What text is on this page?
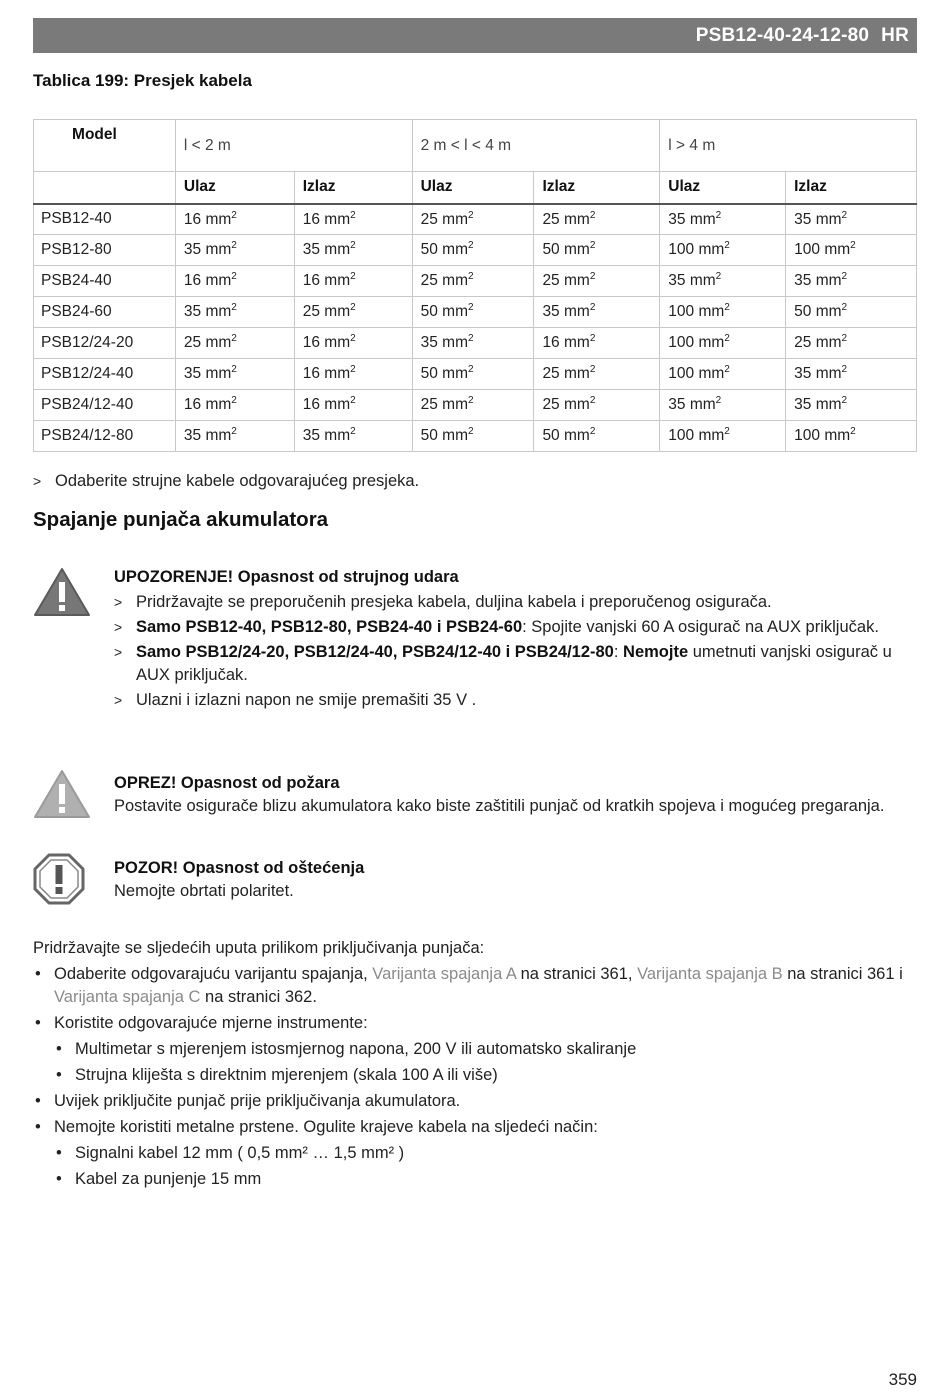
PSB12-40-24-12-80 HR
Tablica 199: Presjek kabela
Model	l < 2 m		2 m < l < 4 m		l > 4 m	
	Ulaz	Izlaz	Ulaz	Izlaz	Ulaz	Izlaz
PSB12-40	16 $mm^2$	16 $mm^2$	25 $mm^2$	25 $mm^2$	35 $mm^2$	35 $mm^2$
PSB12-80	35 $mm^2$	35 $mm^2$	50 $mm^2$	50 $mm^2$	100 $mm^2$	100 $mm^2$
PSB24-40	16 $mm^2$	16 $mm^2$	25 $mm^2$	25 $mm^2$	35 $mm^2$	35 $mm^2$
PSB24-60	35 $mm^2$	25 $mm^2$	50 $mm^2$	35 $mm^2$	100 $mm^2$	50 $mm^2$
PSB12/24-20	25 $mm^2$	16 $mm^2$	35 $mm^2$	16 $mm^2$	100 $mm^2$	25 $mm^2$
PSB12/24-40	35 $mm^2$	16 $mm^2$	50 $mm^2$	25 $mm^2$	100 $mm^2$	35 $mm^2$
PSB24/12-40	16 $mm^2$	16 $mm^2$	25 $mm^2$	25 $mm^2$	35 $mm^2$	35 $mm^2$
PSB24/12-80	35 $mm^2$	35 $mm^2$	50 $mm^2$	50 $mm^2$	100 $mm^2$	100 $mm^2$
> Odaberite strujne kabele odgovarajućeg presjeka.
Spajanje punjača akumulatora
UPOZORENJE! Opasnost od strujnog udara
> Pridržavajte se preporučenih presjeka kabela, duljina kabela i preporučenog osigurača.
> Samo PSB12-40, PSB12-80, PSB24-40 i PSB24-60: Spojite vanjski 60 A osigurač na AUX priključak.
> Samo PSB12/24-20, PSB12/24-40, PSB24/12-40 i PSB24/12-80: Nemojte umetnuti vanjski osigurač u AUX priključak.
> Ulazni i izlazni napon ne smije premašiti 35 V .
OPREZ! Opasnost od požara
Postavite osigurače blizu akumulatora kako biste zaštitili punjač od kratkih spojeva i mogućeg pregaranja.
POZOR! Opasnost od oštećenja
Nemojte obrtati polaritet.
Pridržavajte se sljedećih uputa prilikom priključivanja punjača:
• Odaberite odgovarajuću varijantu spajanja, Varijanta spajanja A na stranici 361, Varijanta spajanja B na stranici 361 i Varijanta spajanja C na stranici 362.
• Koristite odgovarajuće mjerne instrumente:
• Multimetar s mjerenjem istosmjernog napona, 200 V ili automatsko skaliranje
• Strujna kliješta s direktnim mjerenjem (skala 100 A ili više)
• Uvijek priključite punjač prije priključivanja akumulatora.
• Nemojte koristiti metalne prstene. Ogulite krajeve kabela na sljedeći način:
• Signalni kabel 12 mm ( 0,5 mm² … 1,5 mm² )
• Kabel za punjenje 15 mm
359
